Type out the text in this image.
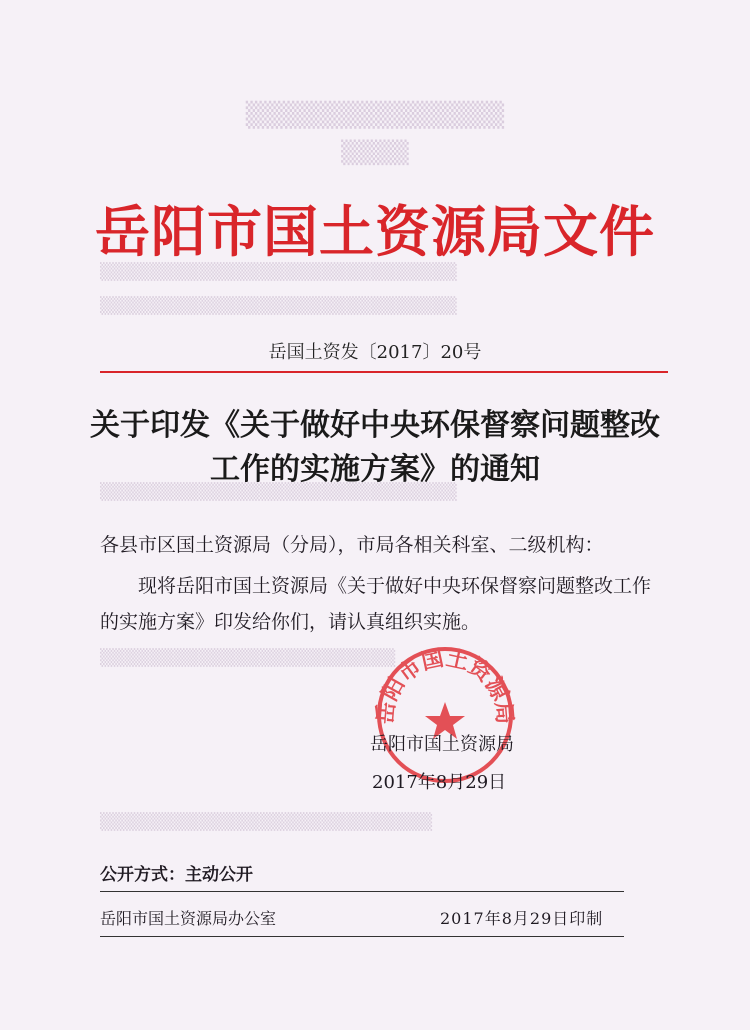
▒▒▒▒▒▒▒▒▒▒▒▒▒▒
▒▒▒▒
▒▒▒▒▒▒▒▒▒▒▒▒▒▒▒▒▒▒▒▒▒▒▒▒▒▒▒▒▒
▒▒▒▒▒▒▒▒▒▒▒▒▒▒▒▒▒▒▒▒▒▒▒▒▒▒▒▒▒
▒▒▒▒▒▒▒▒▒▒▒▒▒▒▒▒▒▒▒▒▒▒▒▒▒▒▒▒▒
▒▒▒▒▒▒▒▒▒▒▒▒▒▒▒▒▒▒▒▒▒▒▒▒
▒▒▒▒▒▒▒▒▒▒▒▒▒▒▒▒▒▒▒▒▒▒▒▒▒▒▒
岳阳市国土资源局文件
岳国土资发〔2017〕20号
关于印发《关于做好中央环保督察问题整改
工作的实施方案》的通知
各县市区国土资源局（分局），市局各相关科室、二级机构：
现将岳阳市国土资源局《关于做好中央环保督察问题整改工作的实施方案》印发给你们，请认真组织实施。
岳阳市国土资源局
岳阳市国土资源局
2017年8月29日
公开方式：主动公开
岳阳市国土资源局办公室	2017年8月29日印制
